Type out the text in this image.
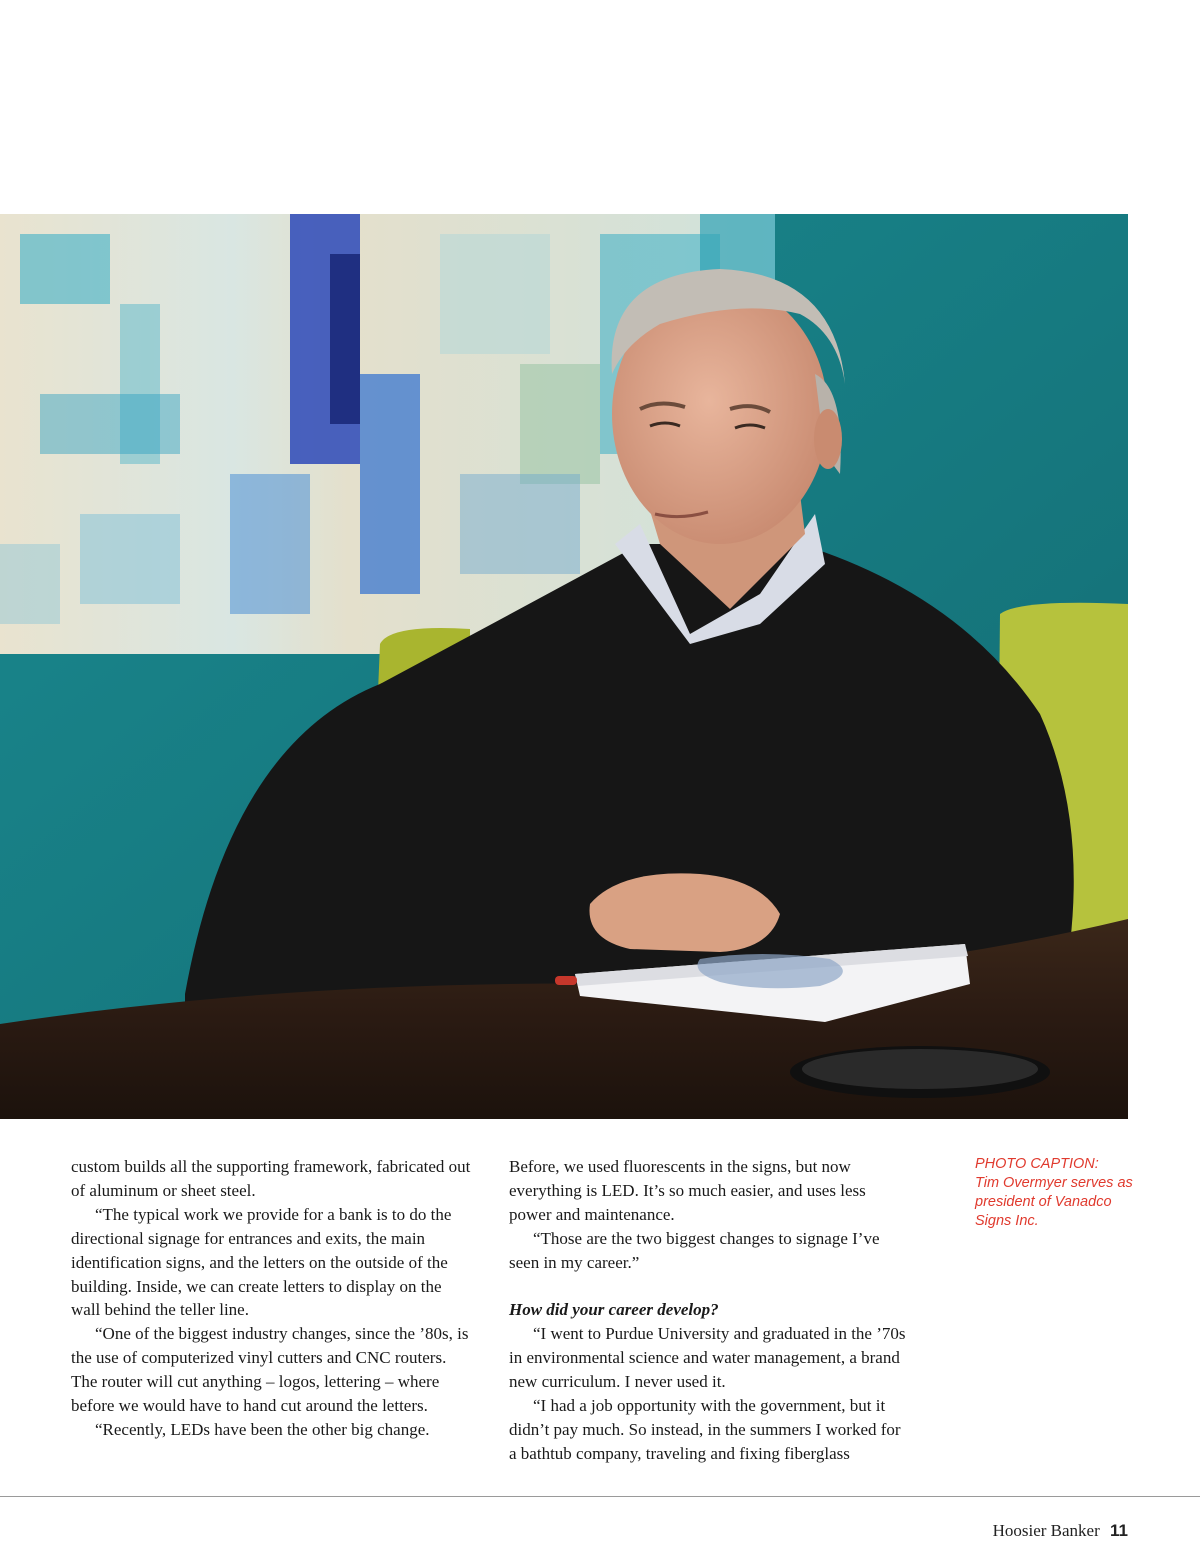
custom builds all the supporting framework, fabricated out of aluminum or sheet steel.

“The typical work we provide for a bank is to do the directional signage for entrances and exits, the main identification signs, and the letters on the outside of the building. Inside, we can create letters to display on the wall behind the teller line.

“One of the biggest industry changes, since the ’80s, is the use of computerized vinyl cutters and CNC routers. The router will cut anything – logos, lettering – where before we would have to hand cut around the letters.

“Recently, LEDs have been the other big change.

Before, we used fluorescents in the signs, but now everything is LED. It’s so much easier, and uses less power and maintenance.

“Those are the two biggest changes to signage I’ve seen in my career.”

How did your career develop?

“I went to Purdue University and graduated in the ’70s in environmental science and water management, a brand new curriculum. I never used it.

“I had a job opportunity with the government, but it didn’t pay much. So instead, in the summers I worked for a bathtub company, traveling and fixing fiberglass

PHOTO CAPTION:
Tim Overmyer serves as
president of Vanadco
Signs Inc.
Hoosier Banker 11
